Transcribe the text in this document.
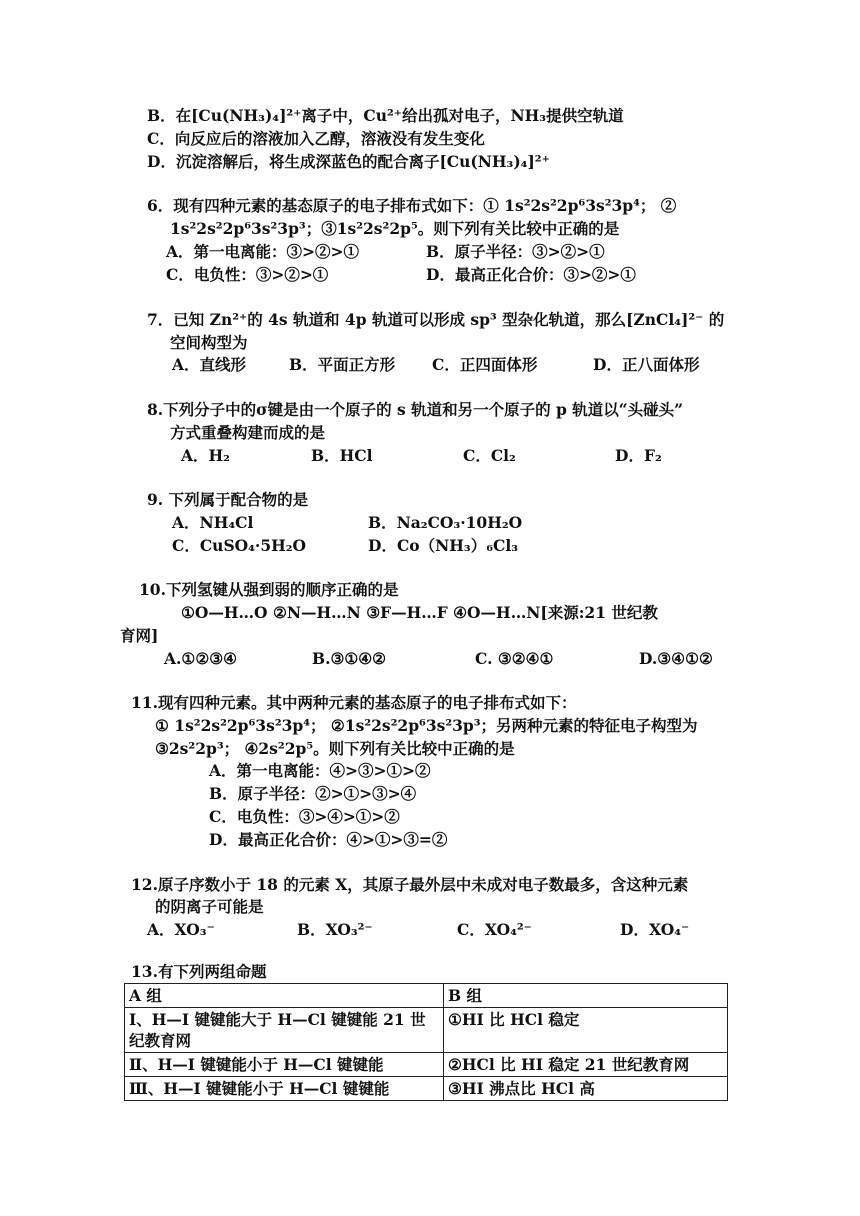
B．在[Cu(NH₃)₄]²⁺离子中，Cu²⁺给出孤对电子，NH₃提供空轨道
C．向反应后的溶液加入乙醇，溶液没有发生变化
D．沉淀溶解后，将生成深蓝色的配合离子[Cu(NH₃)₄]²⁺
6．现有四种元素的基态原子的电子排布式如下：① 1s²2s²2p⁶3s²3p⁴； ②
1s²2s²2p⁶3s²3p³；③1s²2s²2p⁵。则下列有关比较中正确的是
A．第一电离能：③>②>①	B．原子半径：③>②>①
C．电负性：③>②>①	D．最高正化合价：③>②>①
7．已知 Zn²⁺的 4s 轨道和 4p 轨道可以形成 sp³ 型杂化轨道，那么[ZnCl₄]²⁻ 的
空间构型为
A．直线形	B．平面正方形	C．正四面体形	D．正八面体形
8.下列分子中的σ键是由一个原子的 s 轨道和另一个原子的 p 轨道以“头碰头”
方式重叠构建而成的是
A．H₂	B．HCl	C．Cl₂	D．F₂
9. 下列属于配合物的是
A．NH₄Cl	B．Na₂CO₃·10H₂O
C．CuSO₄·5H₂O	D．Co（NH₃）₆Cl₃
10.下列氢键从强到弱的顺序正确的是
①O—H…O ②N—H…N ③F—H…F ④O—H…N[来源:21 世纪教
育网]
A.①②③④	B.③①④②	C. ③②④①	D.③④①②
11.现有四种元素。其中两种元素的基态原子的电子排布式如下：
① 1s²2s²2p⁶3s²3p⁴； ②1s²2s²2p⁶3s²3p³；另两种元素的特征电子构型为
③2s²2p³； ④2s²2p⁵。则下列有关比较中正确的是
A．第一电离能：④>③>①>②
B．原子半径：②>①>③>④
C．电负性：③>④>①>②
D．最高正化合价：④>①>③=②
12.原子序数小于 18 的元素 X，其原子最外层中未成对电子数最多，含这种元素
的阴离子可能是
A．XO₃⁻	B．XO₃²⁻	C．XO₄²⁻	D．XO₄⁻
13.有下列两组命题
A 组	B 组
Ⅰ、H—I 键键能大于 H—Cl 键键能 21 世纪教育网	①HI 比 HCl 稳定
Ⅱ、H—I 键键能小于 H—Cl 键键能	②HCl 比 HI 稳定 21 世纪教育网
Ⅲ、H—I 键键能小于 H—Cl 键键能	③HI 沸点比 HCl 高
